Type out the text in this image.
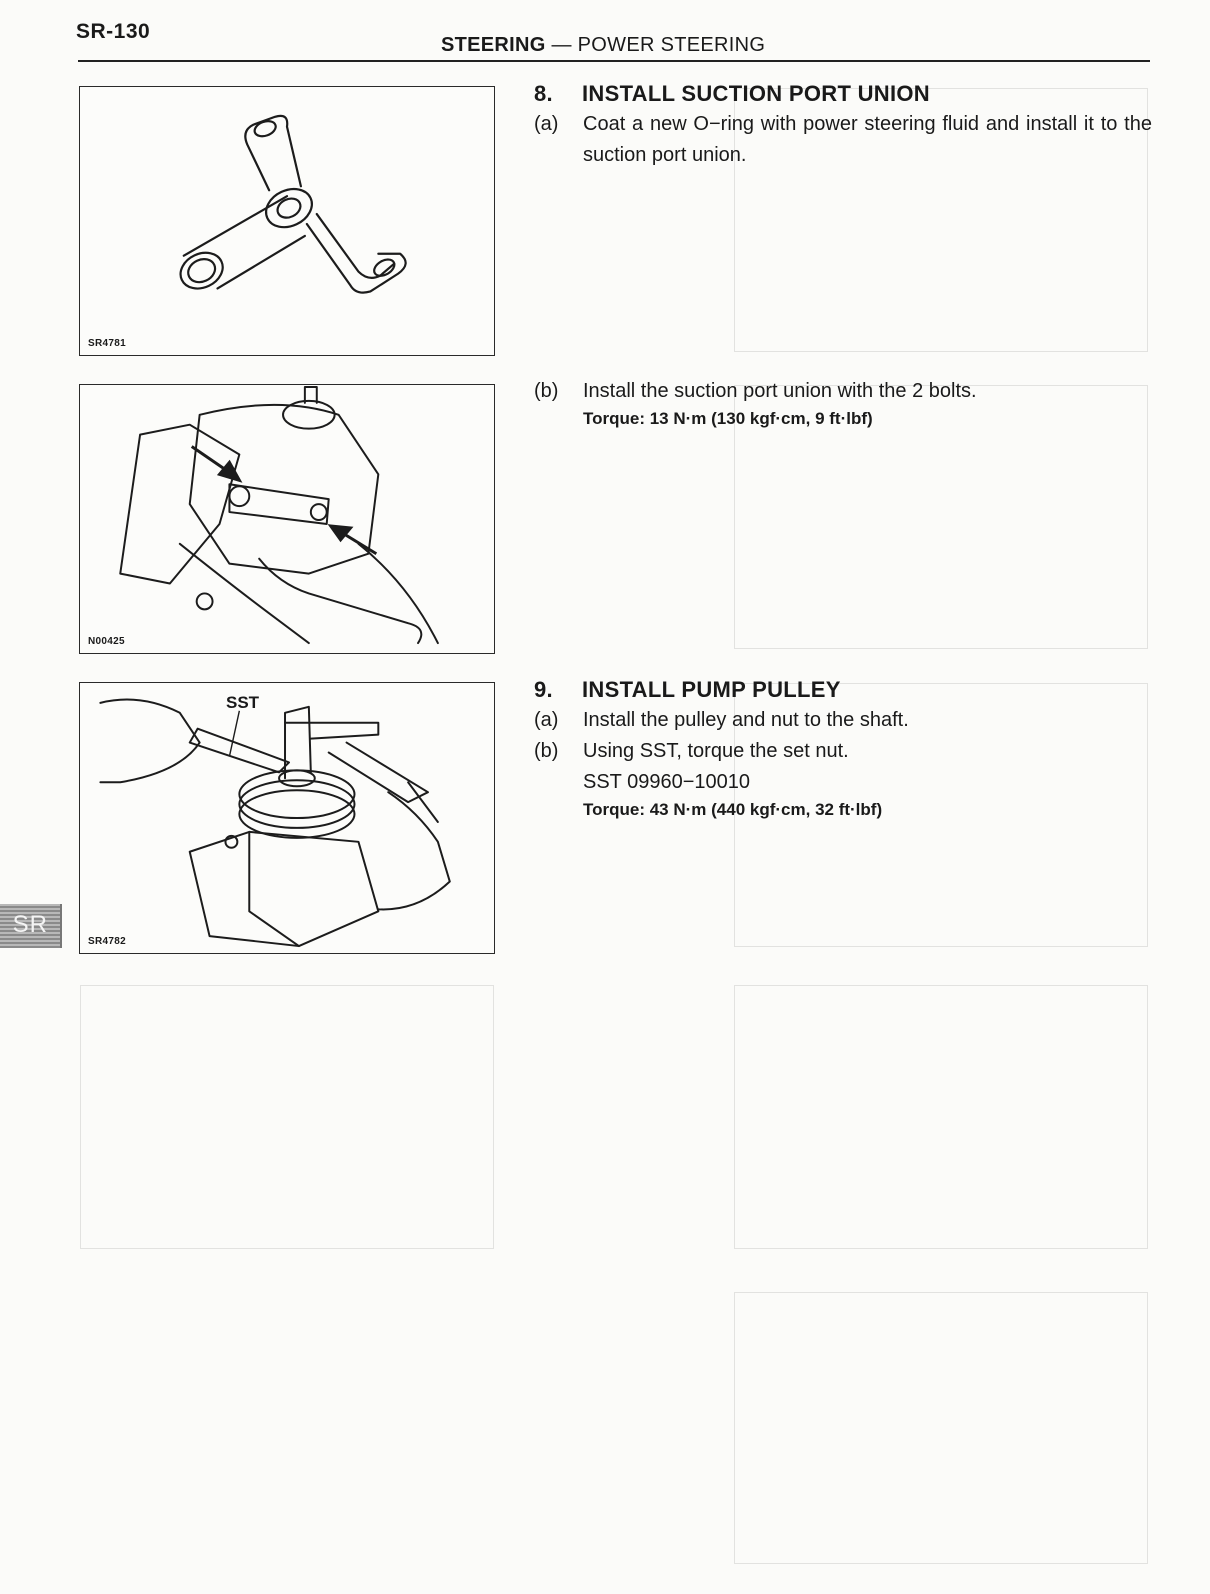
SR-130
STEERING — POWER STEERING
SR4781
N00425
SST
SR4782
8.	INSTALL SUCTION PORT UNION
(a)	Coat a new O−ring with power steering fluid and install it to the suction port union.
(b)	Install the suction port union with the 2 bolts.
Torque: 13 N·m (130 kgf·cm, 9 ft·lbf)
9.	INSTALL PUMP PULLEY
(a)	Install the pulley and nut to the shaft.
(b)	Using SST, torque the set nut.
SST 09960−10010
Torque: 43 N·m (440 kgf·cm, 32 ft·lbf)
SR
